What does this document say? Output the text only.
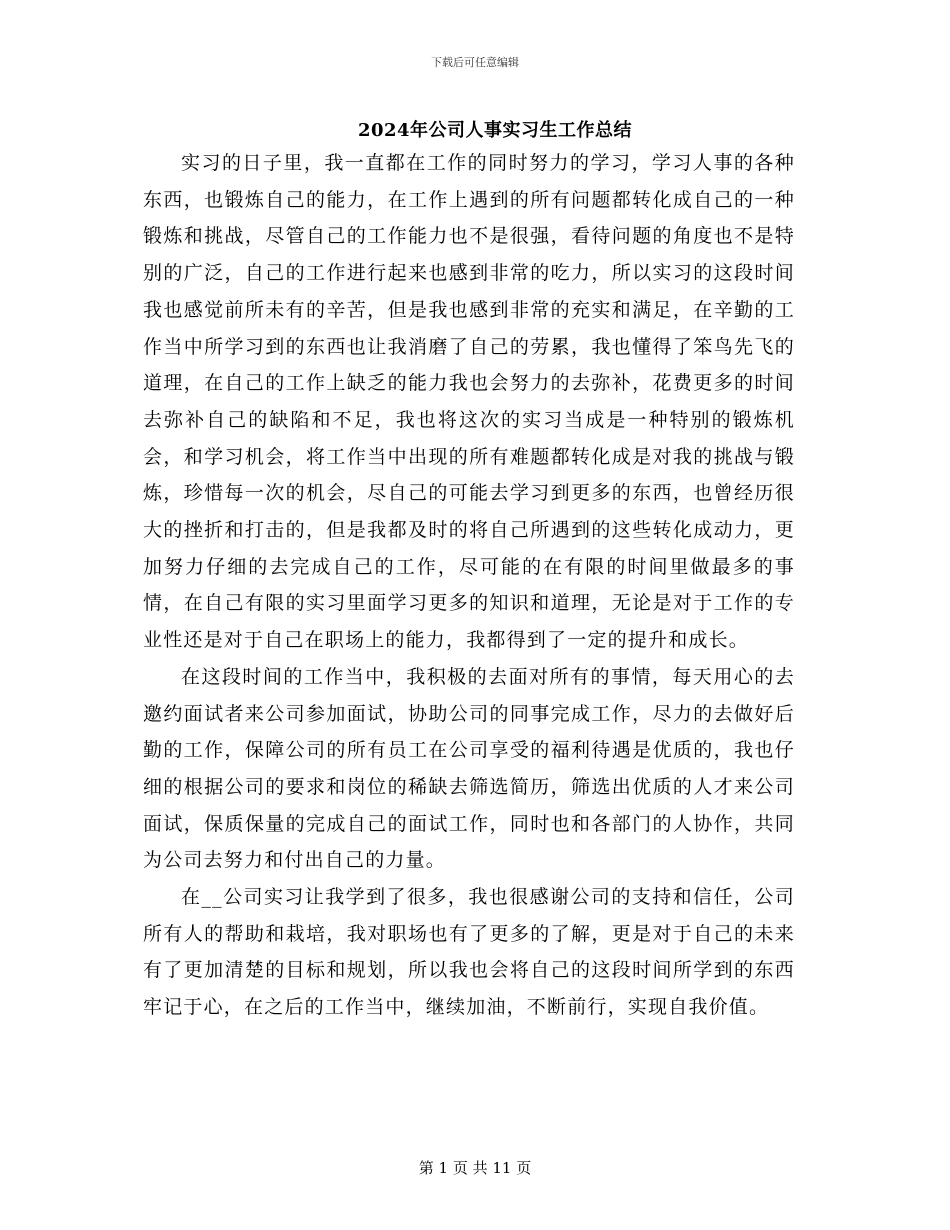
下载后可任意编辑
2024年公司人事实习生工作总结

实习的日子里，我一直都在工作的同时努力的学习，学习人事的各种东西，也锻炼自己的能力，在工作上遇到的所有问题都转化成自己的一种锻炼和挑战，尽管自己的工作能力也不是很强，看待问题的角度也不是特别的广泛，自己的工作进行起来也感到非常的吃力，所以实习的这段时间我也感觉前所未有的辛苦，但是我也感到非常的充实和满足，在辛勤的工作当中所学习到的东西也让我消磨了自己的劳累，我也懂得了笨鸟先飞的道理，在自己的工作上缺乏的能力我也会努力的去弥补，花费更多的时间去弥补自己的缺陷和不足，我也将这次的实习当成是一种特别的锻炼机会，和学习机会，将工作当中出现的所有难题都转化成是对我的挑战与锻炼，珍惜每一次的机会，尽自己的可能去学习到更多的东西，也曾经历很大的挫折和打击的，但是我都及时的将自己所遇到的这些转化成动力，更加努力仔细的去完成自己的工作，尽可能的在有限的时间里做最多的事情，在自己有限的实习里面学习更多的知识和道理，无论是对于工作的专业性还是对于自己在职场上的能力，我都得到了一定的提升和成长。

在这段时间的工作当中，我积极的去面对所有的事情，每天用心的去邀约面试者来公司参加面试，协助公司的同事完成工作，尽力的去做好后勤的工作，保障公司的所有员工在公司享受的福利待遇是优质的，我也仔细的根据公司的要求和岗位的稀缺去筛选简历，筛选出优质的人才来公司面试，保质保量的完成自己的面试工作，同时也和各部门的人协作，共同为公司去努力和付出自己的力量。

在__公司实习让我学到了很多，我也很感谢公司的支持和信任，公司所有人的帮助和栽培，我对职场也有了更多的了解，更是对于自己的未来有了更加清楚的目标和规划，所以我也会将自己的这段时间所学到的东西牢记于心，在之后的工作当中，继续加油，不断前行，实现自我价值。

第 1 页 共 11 页
